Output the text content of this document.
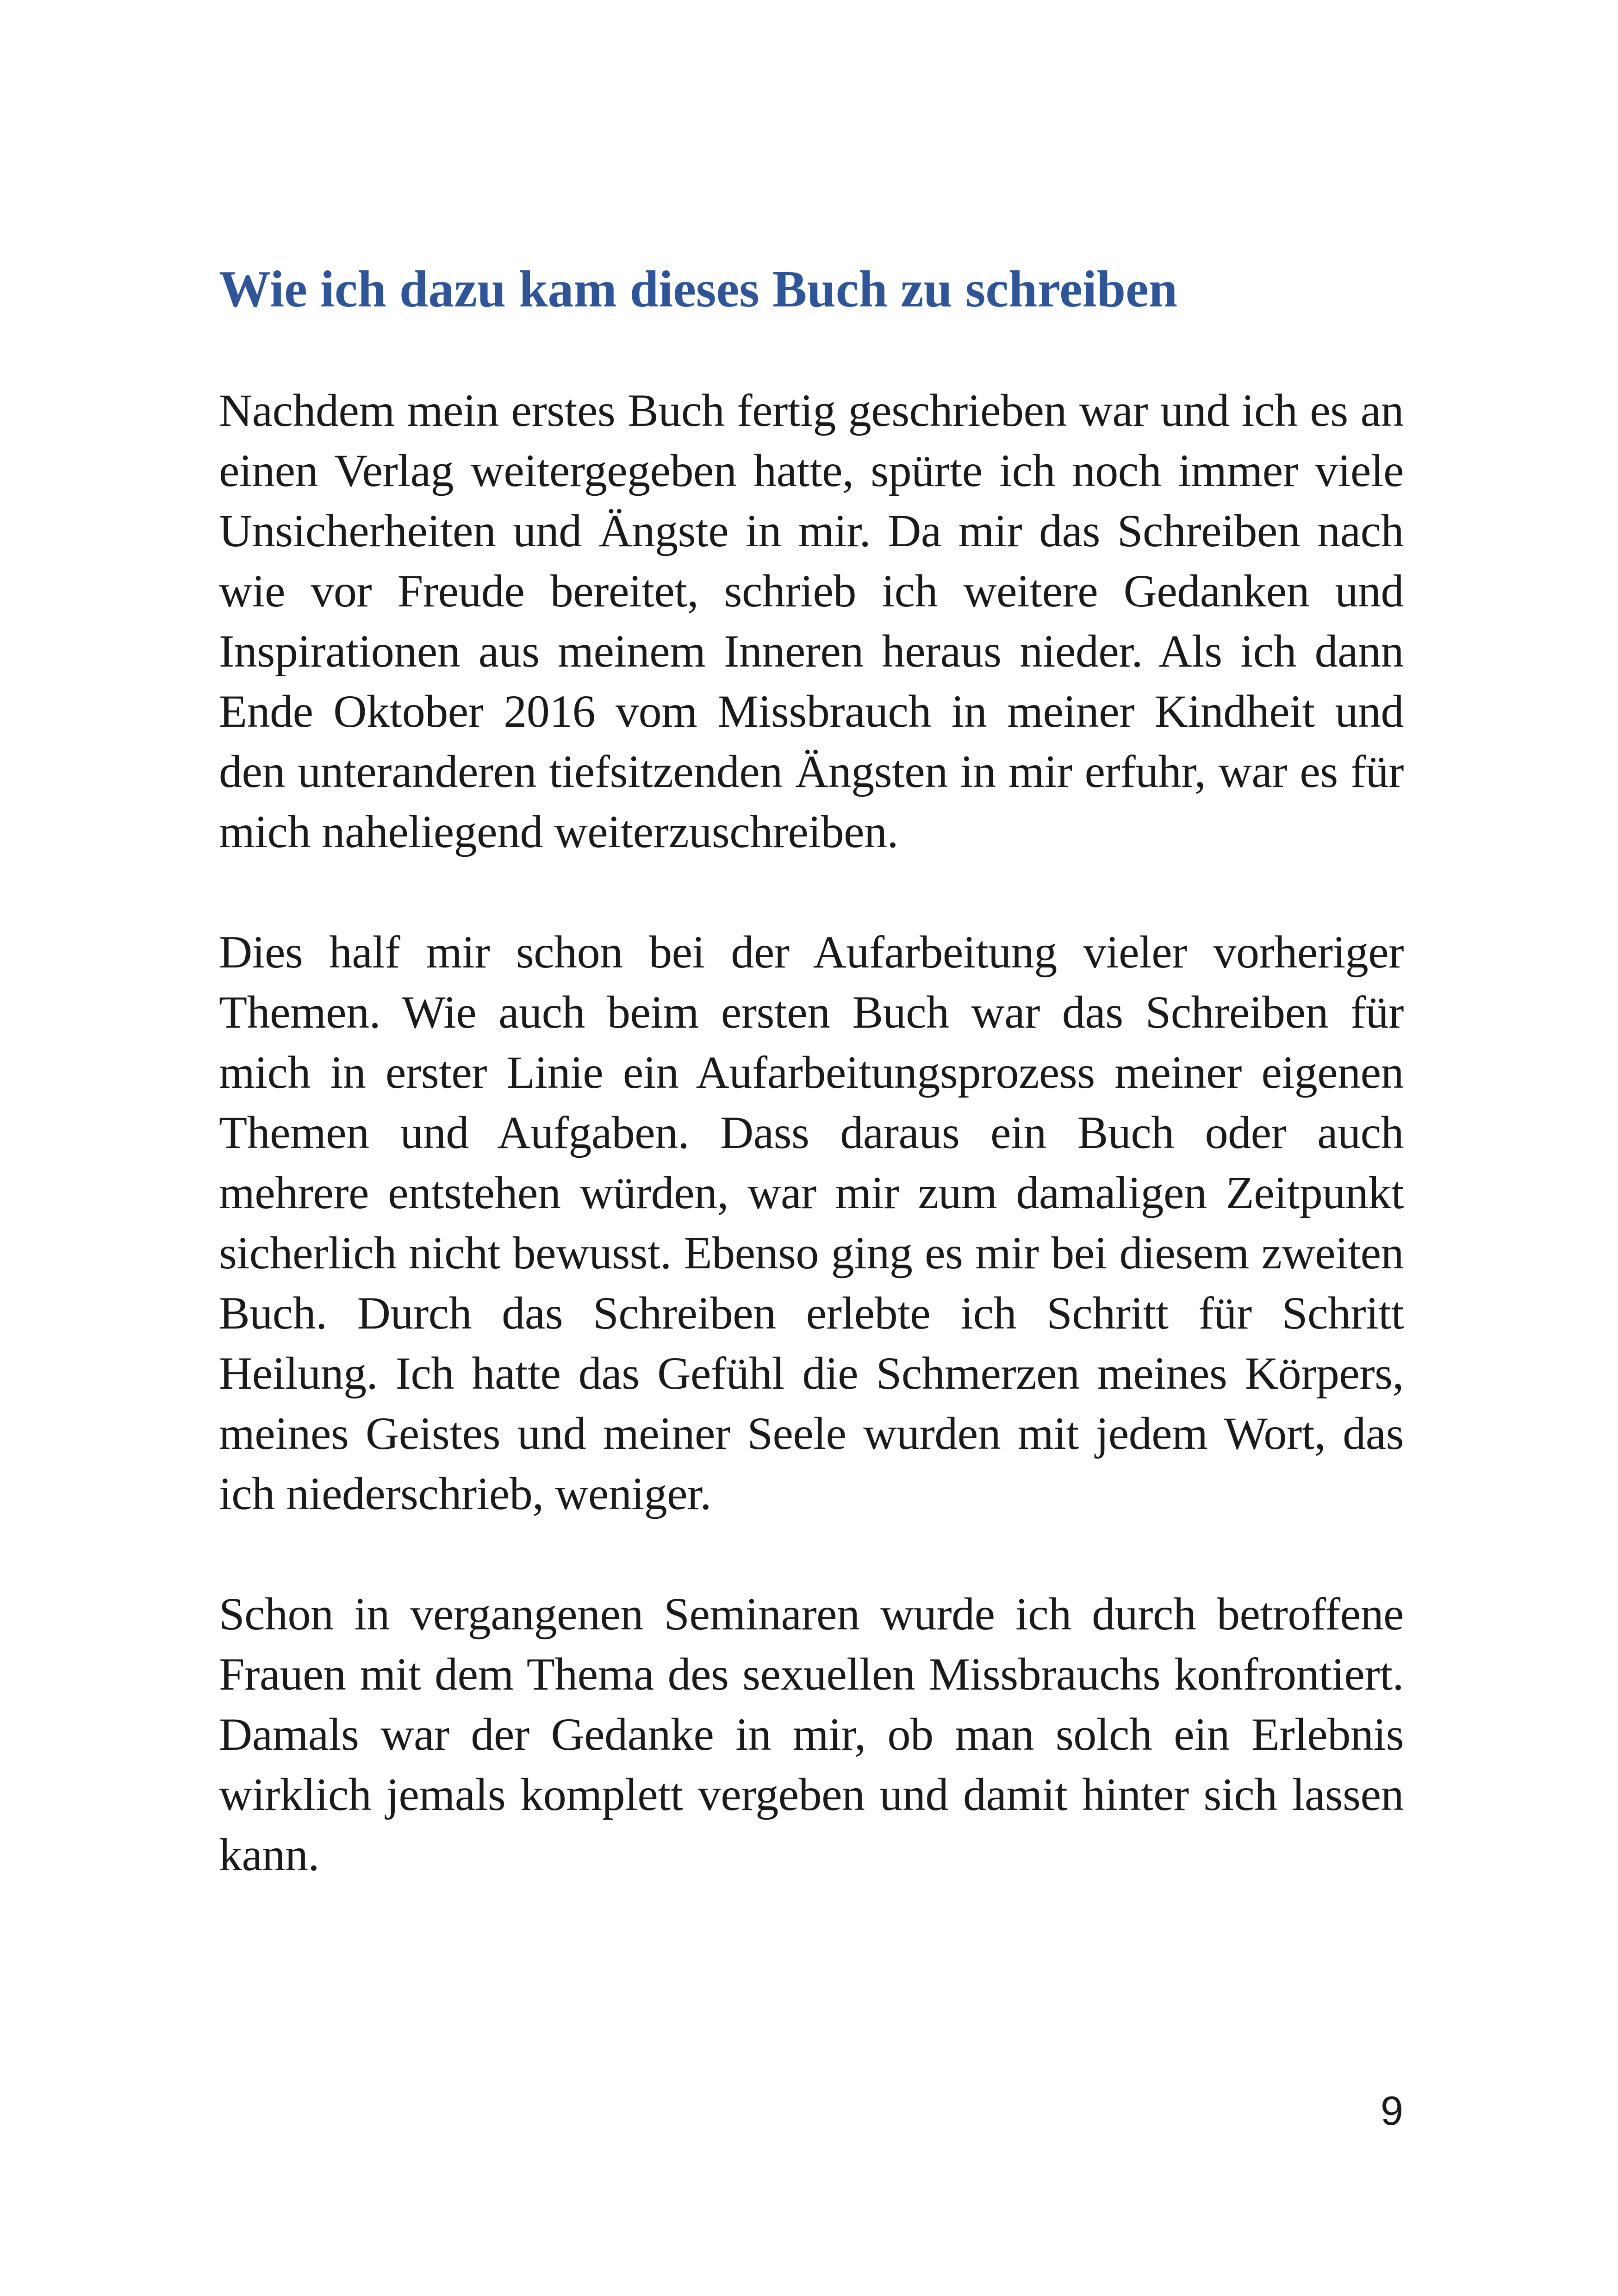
Wie ich dazu kam dieses Buch zu schreiben

Nachdem mein erstes Buch fertig geschrieben war und ich es an einen Verlag weitergegeben hatte, spürte ich noch immer viele Unsicherheiten und Ängste in mir. Da mir das Schreiben nach wie vor Freude bereitet, schrieb ich weitere Gedanken und Inspirationen aus meinem Inneren heraus nieder. Als ich dann Ende Oktober 2016 vom Missbrauch in meiner Kindheit und den unteranderen tiefsitzenden Ängsten in mir erfuhr, war es für mich naheliegend weiterzuschreiben.

Dies half mir schon bei der Aufarbeitung vieler vorheriger Themen. Wie auch beim ersten Buch war das Schreiben für mich in erster Linie ein Aufarbeitungsprozess meiner eigenen Themen und Aufgaben. Dass daraus ein Buch oder auch mehrere entstehen würden, war mir zum damaligen Zeitpunkt sicherlich nicht bewusst. Ebenso ging es mir bei diesem zweiten Buch. Durch das Schreiben erlebte ich Schritt für Schritt Heilung. Ich hatte das Gefühl die Schmerzen meines Körpers, meines Geistes und meiner Seele wurden mit jedem Wort, das ich niederschrieb, weniger.

Schon in vergangenen Seminaren wurde ich durch betroffene Frauen mit dem Thema des sexuellen Missbrauchs konfrontiert. Damals war der Gedanke in mir, ob man solch ein Erlebnis wirklich jemals komplett vergeben und damit hinter sich lassen kann.

9
